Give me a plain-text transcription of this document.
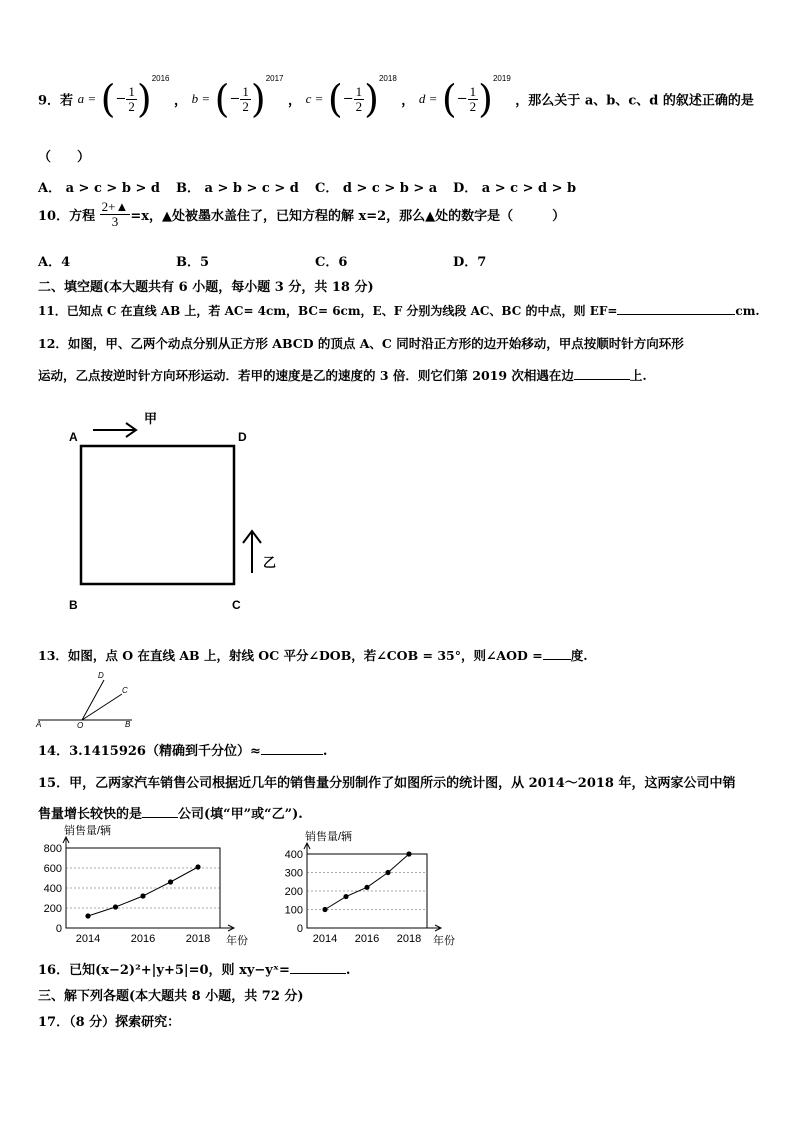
9．若 a = (− $\frac{1}{2} )^{2016}$ ， b = (− $\frac{1}{2} )^{2017}$ ， c = (− $\frac{1}{2} )^{2018}$ ， d = (− $\frac{1}{2} )^{2019}$ ，那么关于 a、b、c、d 的叙述正确的是
（　　）
A． a > c > b > d B． a > b > c > d C． d > c > b > a D． a > c > d > b
10．方程 $\frac{2+▲}{3} =x$，▲处被墨水盖住了，已知方程的解 x=2，那么▲处的数字是（　　　）
A．4	B．5	C．6	D．7
二、填空题(本大题共有 6 小题，每小题 3 分，共 18 分)
11．已知点 C 在直线 AB 上，若 AC= 4cm，BC= 6cm，E、F 分别为线段 AC、BC 的中点，则 EF=	cm.
12．如图，甲、乙两个动点分别从正方形 ABCD 的顶点 A、C 同时沿正方形的边开始移动，甲点按顺时针方向环形
运动，乙点按逆时针方向环形运动．若甲的速度是乙的速度的 3 倍．则它们第 2019 次相遇在边	上.
A	D
B	C
甲
乙
13．如图，点 O 在直线 AB 上，射线 OC 平分∠DOB，若∠COB = 35°，则∠AOD = 度.
A	O	B
C
D
14．3.1415926（精确到千分位）≈	.
15．甲，乙两家汽车销售公司根据近几年的销售量分别制作了如图所示的统计图，从 2014～2018 年，这两家公司中销
售量增长较快的是	公司(填“甲”或“乙”).
0
200
400
600
800
销售量/辆
年份
2014	2016	2018
0
100
200
300
400
销售量/辆
年份
2014 2016 2018
16．已知(x−2)²+|y+5|=0，则 xy−yˣ=	.
三、解下列各题(本大题共 8 小题，共 72 分)
17．（8 分）探索研究：
